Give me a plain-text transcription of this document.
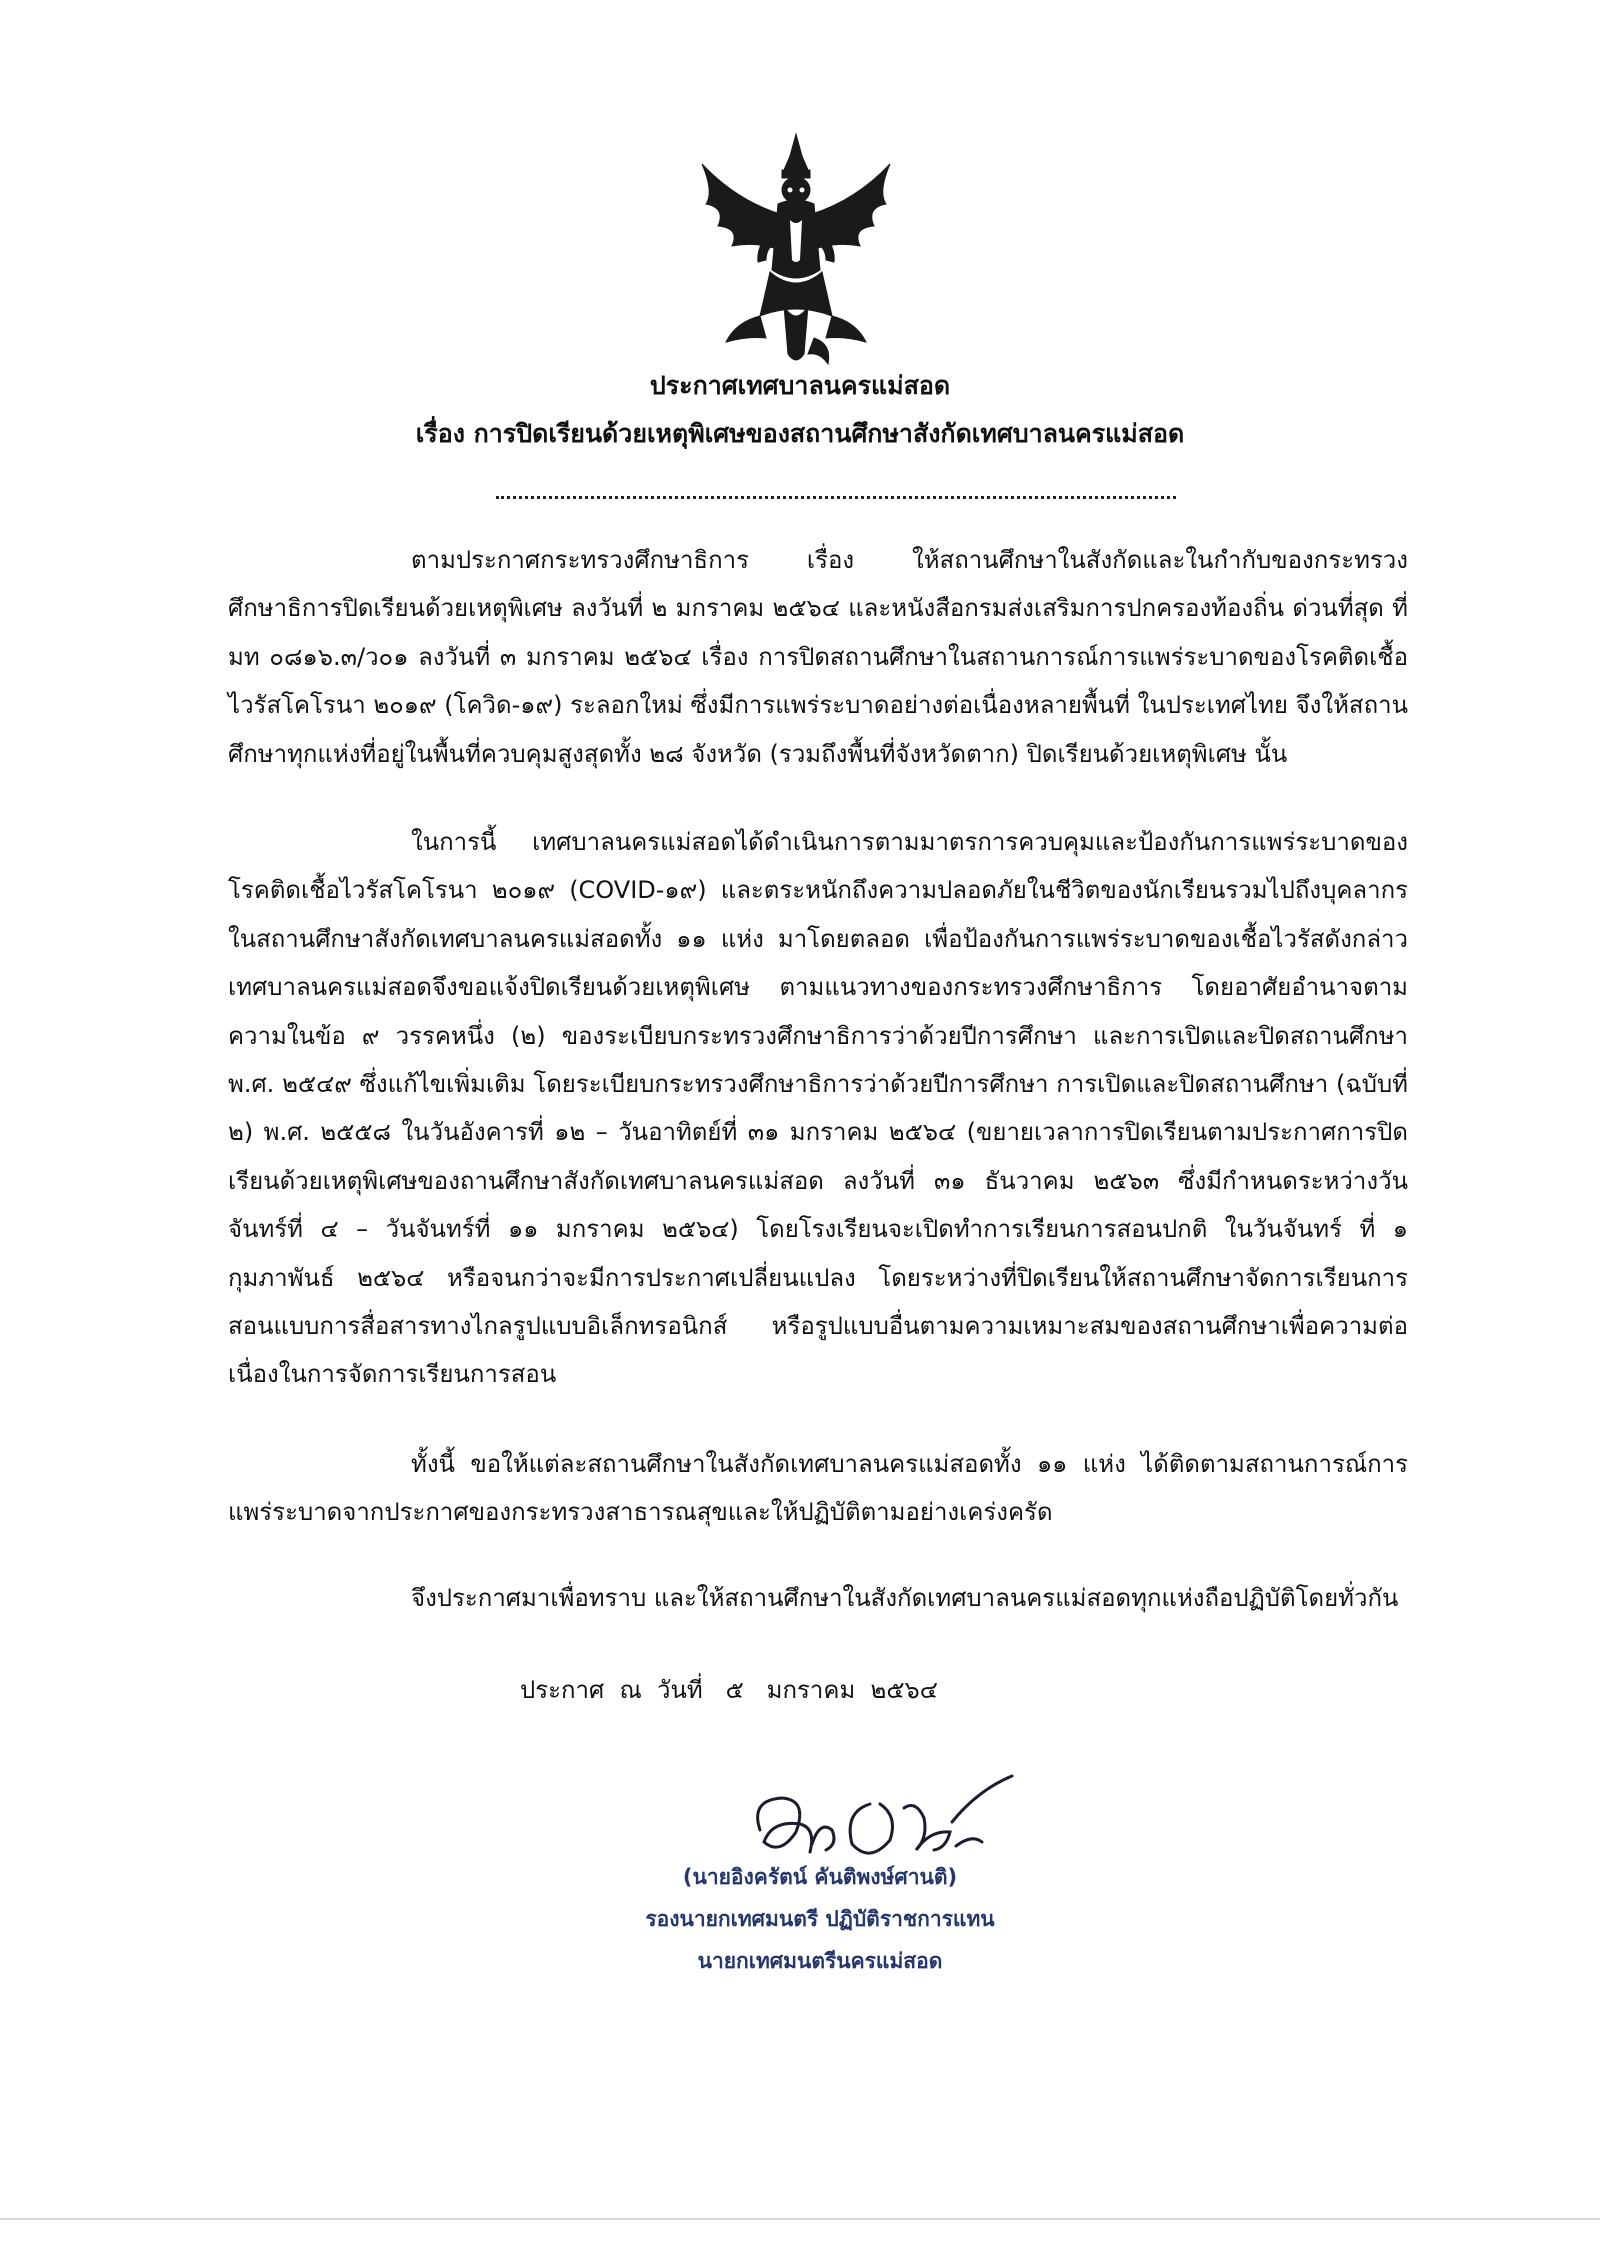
ประกาศเทศบาลนครแม่สอด
เรื่อง การปิดเรียนด้วยเหตุพิเศษของสถานศึกษาสังกัดเทศบาลนครแม่สอด

ตามประกาศกระทรวงศึกษาธิการ เรื่อง ให้สถานศึกษาในสังกัดและในกำกับของกระทรวงศึกษาธิการปิดเรียนด้วยเหตุพิเศษ ลงวันที่ ๒ มกราคม ๒๕๖๔ และหนังสือกรมส่งเสริมการปกครองท้องถิ่น ด่วนที่สุด ที่ มท ๐๘๑๖.๓/ว๐๑ ลงวันที่ ๓ มกราคม ๒๕๖๔ เรื่อง การปิดสถานศึกษาในสถานการณ์การแพร่ระบาดของโรคติดเชื้อไวรัสโคโรนา ๒๐๑๙ (โควิด-๑๙) ระลอกใหม่ ซึ่งมีการแพร่ระบาดอย่างต่อเนื่องหลายพื้นที่ ในประเทศไทย จึงให้สถานศึกษาทุกแห่งที่อยู่ในพื้นที่ควบคุมสูงสุดทั้ง ๒๘ จังหวัด (รวมถึงพื้นที่จังหวัดตาก) ปิดเรียนด้วยเหตุพิเศษ นั้น

ในการนี้ เทศบาลนครแม่สอดได้ดำเนินการตามมาตรการควบคุมและป้องกันการแพร่ระบาดของโรคติดเชื้อไวรัสโคโรนา ๒๐๑๙ (COVID-๑๙) และตระหนักถึงความปลอดภัยในชีวิตของนักเรียนรวมไปถึงบุคลากรในสถานศึกษาสังกัดเทศบาลนครแม่สอดทั้ง ๑๑ แห่ง มาโดยตลอด เพื่อป้องกันการแพร่ระบาดของเชื้อไวรัสดังกล่าว เทศบาลนครแม่สอดจึงขอแจ้งปิดเรียนด้วยเหตุพิเศษ ตามแนวทางของกระทรวงศึกษาธิการ โดยอาศัยอำนาจตามความในข้อ ๙ วรรคหนึ่ง (๒) ของระเบียบกระทรวงศึกษาธิการว่าด้วยปีการศึกษา และการเปิดและปิดสถานศึกษา พ.ศ. ๒๕๔๙ ซึ่งแก้ไขเพิ่มเติม โดยระเบียบกระทรวงศึกษาธิการว่าด้วยปีการศึกษา การเปิดและปิดสถานศึกษา (ฉบับที่ ๒) พ.ศ. ๒๕๕๘ ในวันอังคารที่ ๑๒ – วันอาทิตย์ที่ ๓๑ มกราคม ๒๕๖๔ (ขยายเวลาการปิดเรียนตามประกาศการปิดเรียนด้วยเหตุพิเศษของถานศึกษาสังกัดเทศบาลนครแม่สอด ลงวันที่ ๓๑ ธันวาคม ๒๕๖๓ ซึ่งมีกำหนดระหว่างวันจันทร์ที่ ๔ – วันจันทร์ที่ ๑๑ มกราคม ๒๕๖๔) โดยโรงเรียนจะเปิดทำการเรียนการสอนปกติ ในวันจันทร์ ที่ ๑ กุมภาพันธ์ ๒๕๖๔ หรือจนกว่าจะมีการประกาศเปลี่ยนแปลง โดยระหว่างที่ปิดเรียนให้สถานศึกษาจัดการเรียนการสอนแบบการสื่อสารทางไกลรูปแบบอิเล็กทรอนิกส์ หรือรูปแบบอื่นตามความเหมาะสมของสถานศึกษาเพื่อความต่อเนื่องในการจัดการเรียนการสอน

ทั้งนี้ ขอให้แต่ละสถานศึกษาในสังกัดเทศบาลนครแม่สอดทั้ง ๑๑ แห่ง ได้ติดตามสถานการณ์การแพร่ระบาดจากประกาศของกระทรวงสาธารณสุขและให้ปฏิบัติตามอย่างเคร่งครัด

จึงประกาศมาเพื่อทราบ และให้สถานศึกษาในสังกัดเทศบาลนครแม่สอดทุกแห่งถือปฏิบัติโดยทั่วกัน

ประกาศ  ณ  วันที่   ๕   มกราคม  ๒๕๖๔
(นายอิงครัตน์ คันติพงษ์ศานติ)
รองนายกเทศมนตรี ปฏิบัติราชการแทน
นายกเทศมนตรีนครแม่สอด
